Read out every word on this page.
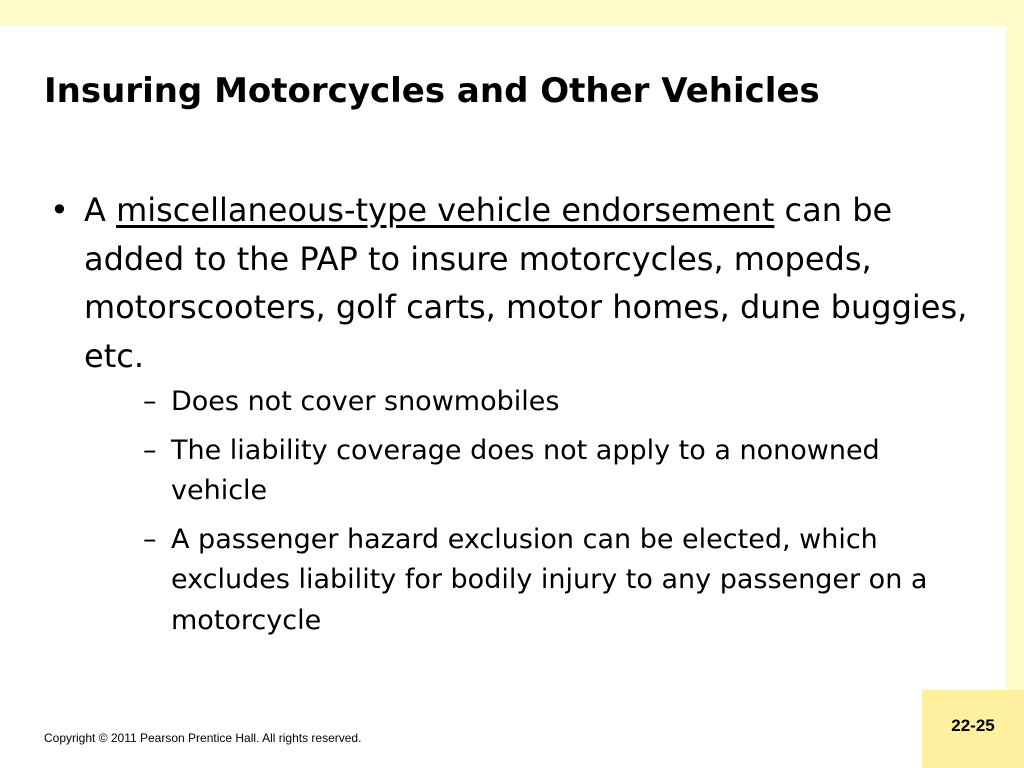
Insuring Motorcycles and Other Vehicles
• A miscellaneous-type vehicle endorsement can be added to the PAP to insure motorcycles, mopeds, motorscooters, golf carts, motor homes, dune buggies, etc.
– Does not cover snowmobiles
– The liability coverage does not apply to a nonowned vehicle
– A passenger hazard exclusion can be elected, which excludes liability for bodily injury to any passenger on a motorcycle
Copyright © 2011 Pearson Prentice Hall. All rights reserved.
22-25
